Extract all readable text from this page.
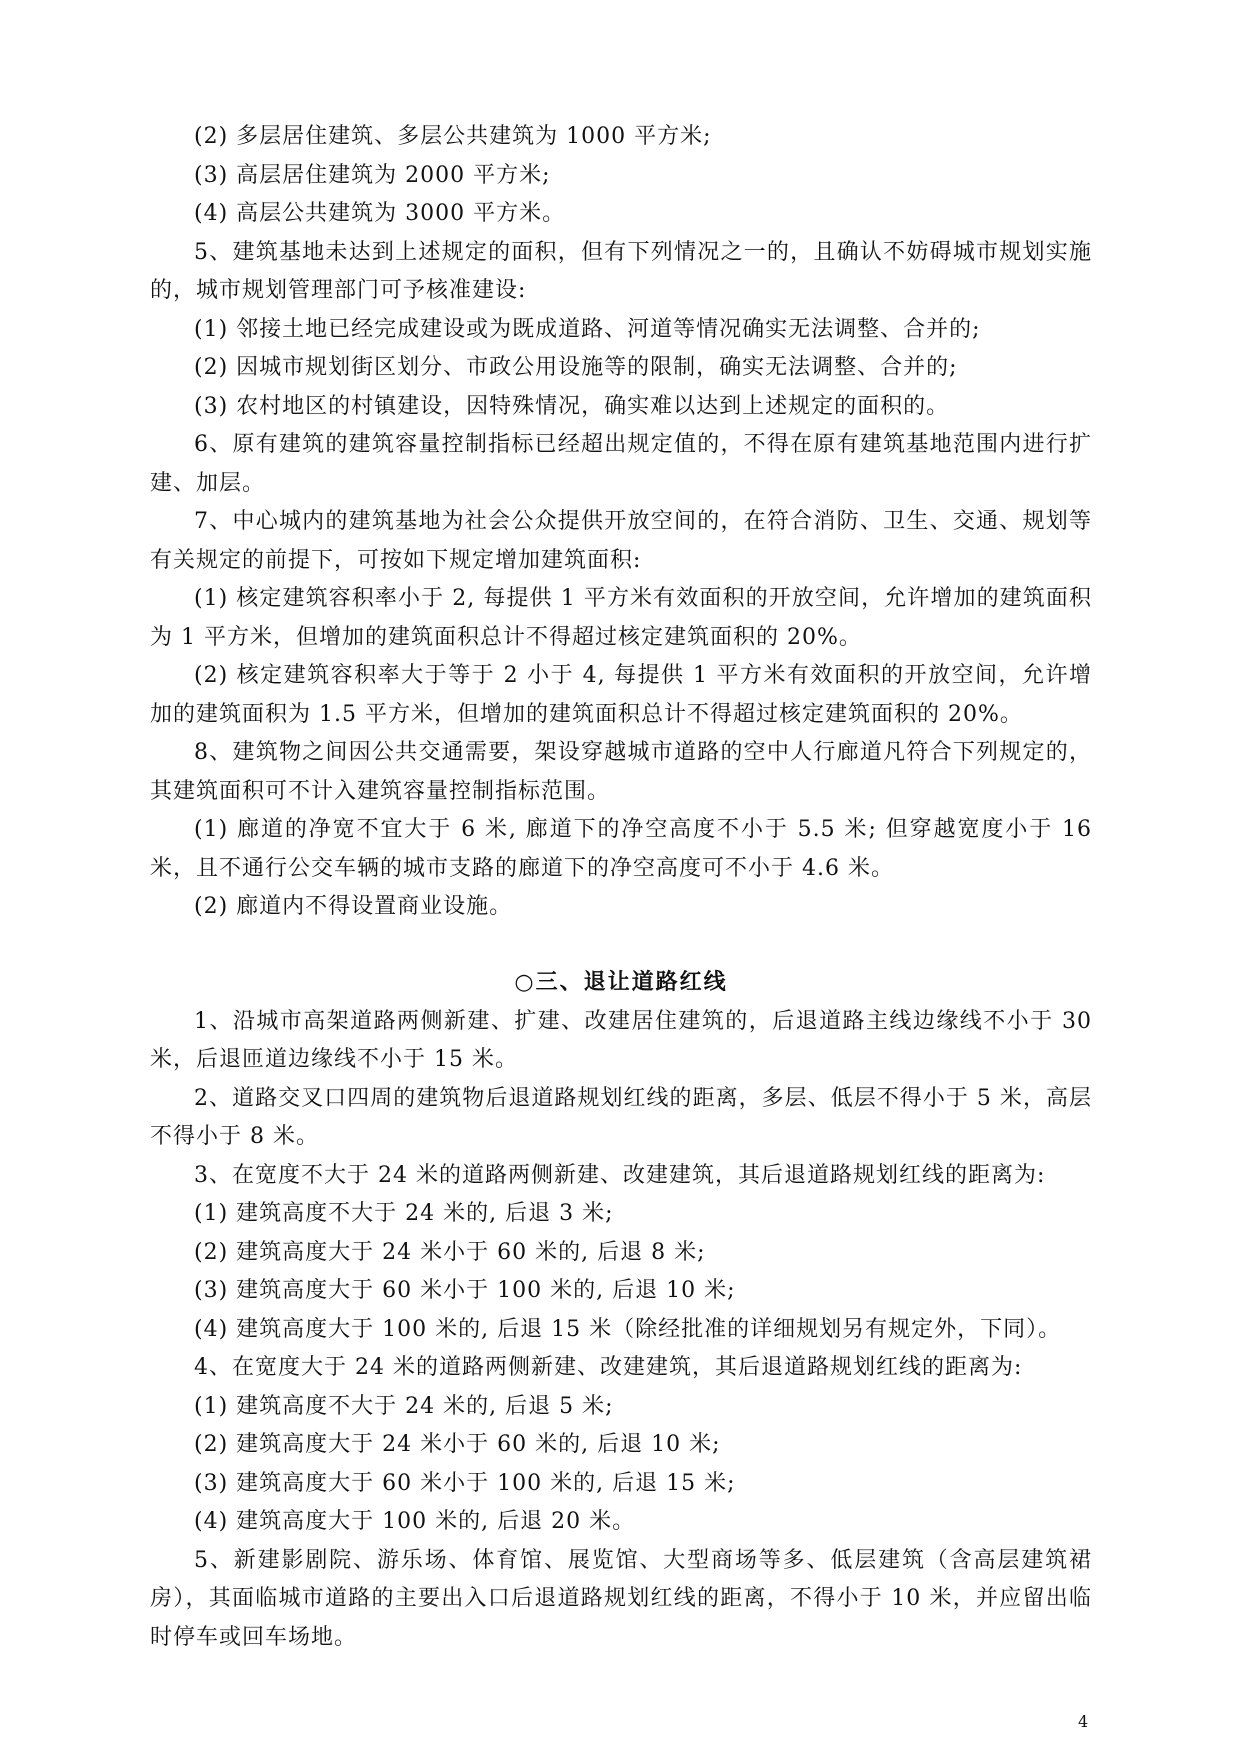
(2) 多层居住建筑、多层公共建筑为 1000 平方米;

(3) 高层居住建筑为 2000 平方米;

(4) 高层公共建筑为 3000 平方米。

5、建筑基地未达到上述规定的面积，但有下列情况之一的，且确认不妨碍城市规划实施的，城市规划管理部门可予核准建设:

(1) 邻接土地已经完成建设或为既成道路、河道等情况确实无法调整、合并的;

(2) 因城市规划街区划分、市政公用设施等的限制，确实无法调整、合并的;

(3) 农村地区的村镇建设，因特殊情况，确实难以达到上述规定的面积的。

6、原有建筑的建筑容量控制指标已经超出规定值的，不得在原有建筑基地范围内进行扩建、加层。

7、中心城内的建筑基地为社会公众提供开放空间的，在符合消防、卫生、交通、规划等有关规定的前提下，可按如下规定增加建筑面积:

(1) 核定建筑容积率小于 2, 每提供 1 平方米有效面积的开放空间，允许增加的建筑面积为 1 平方米，但增加的建筑面积总计不得超过核定建筑面积的 20%。

(2) 核定建筑容积率大于等于 2 小于 4, 每提供 1 平方米有效面积的开放空间，允许增加的建筑面积为 1.5 平方米，但增加的建筑面积总计不得超过核定建筑面积的 20%。

8、建筑物之间因公共交通需要，架设穿越城市道路的空中人行廊道凡符合下列规定的，其建筑面积可不计入建筑容量控制指标范围。

(1) 廊道的净宽不宜大于 6 米, 廊道下的净空高度不小于 5.5 米; 但穿越宽度小于 16 米，且不通行公交车辆的城市支路的廊道下的净空高度可不小于 4.6 米。

(2) 廊道内不得设置商业设施。

○三、退让道路红线

1、沿城市高架道路两侧新建、扩建、改建居住建筑的，后退道路主线边缘线不小于 30 米，后退匝道边缘线不小于 15 米。

2、道路交叉口四周的建筑物后退道路规划红线的距离，多层、低层不得小于 5 米，高层不得小于 8 米。

3、在宽度不大于 24 米的道路两侧新建、改建建筑，其后退道路规划红线的距离为:

(1) 建筑高度不大于 24 米的, 后退 3 米;

(2) 建筑高度大于 24 米小于 60 米的, 后退 8 米;

(3) 建筑高度大于 60 米小于 100 米的, 后退 10 米;

(4) 建筑高度大于 100 米的, 后退 15 米（除经批准的详细规划另有规定外，下同）。

4、在宽度大于 24 米的道路两侧新建、改建建筑，其后退道路规划红线的距离为:

(1) 建筑高度不大于 24 米的, 后退 5 米;

(2) 建筑高度大于 24 米小于 60 米的, 后退 10 米;

(3) 建筑高度大于 60 米小于 100 米的, 后退 15 米;

(4) 建筑高度大于 100 米的, 后退 20 米。

5、新建影剧院、游乐场、体育馆、展览馆、大型商场等多、低层建筑（含高层建筑裙房），其面临城市道路的主要出入口后退道路规划红线的距离，不得小于 10 米，并应留出临时停车或回车场地。

4
